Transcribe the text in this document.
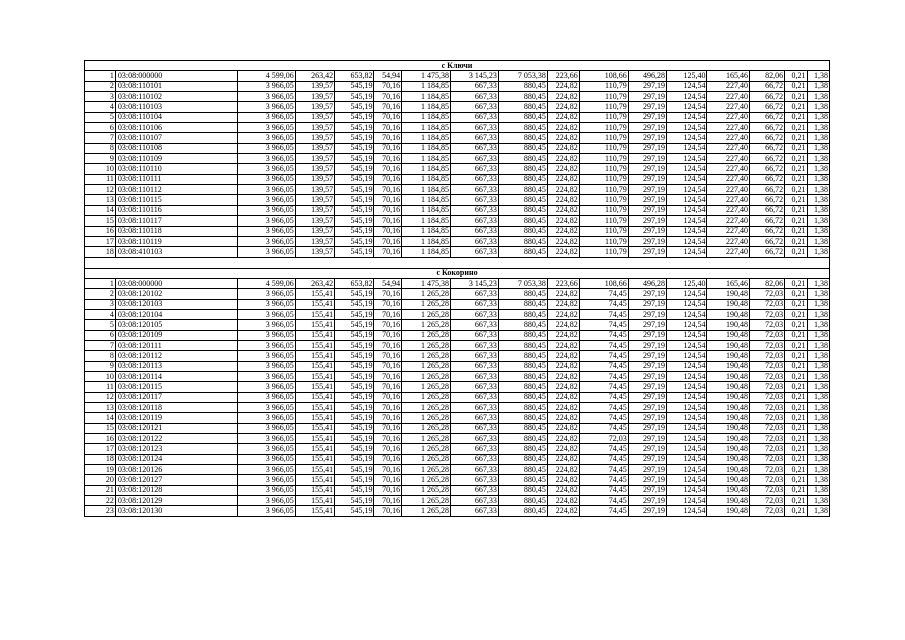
с Ключи																
1	03:08:000000	4 599,06	263,42	653,82	54,94	1 475,38	3 145,23	7 053,38	223,66	108,66	496,28	125,40	165,46	82,06	0,21	1,38
2	03:08:110101	3 966,05	139,57	545,19	70,16	1 184,85	667,33	880,45	224,82	110,79	297,19	124,54	227,40	66,72	0,21	1,38
3	03:08:110102	3 966,05	139,57	545,19	70,16	1 184,85	667,33	880,45	224,82	110,79	297,19	124,54	227,40	66,72	0,21	1,38
4	03:08:110103	3 966,05	139,57	545,19	70,16	1 184,85	667,33	880,45	224,82	110,79	297,19	124,54	227,40	66,72	0,21	1,38
5	03:08:110104	3 966,05	139,57	545,19	70,16	1 184,85	667,33	880,45	224,82	110,79	297,19	124,54	227,40	66,72	0,21	1,38
6	03:08:110106	3 966,05	139,57	545,19	70,16	1 184,85	667,33	880,45	224,82	110,79	297,19	124,54	227,40	66,72	0,21	1,38
7	03:08:110107	3 966,05	139,57	545,19	70,16	1 184,85	667,33	880,45	224,82	110,79	297,19	124,54	227,40	66,72	0,21	1,38
8	03:08:110108	3 966,05	139,57	545,19	70,16	1 184,85	667,33	880,45	224,82	110,79	297,19	124,54	227,40	66,72	0,21	1,38
9	03:08:110109	3 966,05	139,57	545,19	70,16	1 184,85	667,33	880,45	224,82	110,79	297,19	124,54	227,40	66,72	0,21	1,38
10	03:08:110110	3 966,05	139,57	545,19	70,16	1 184,85	667,33	880,45	224,82	110,79	297,19	124,54	227,40	66,72	0,21	1,38
11	03:08:110111	3 966,05	139,57	545,19	70,16	1 184,85	667,33	880,45	224,82	110,79	297,19	124,54	227,40	66,72	0,21	1,38
12	03:08:110112	3 966,05	139,57	545,19	70,16	1 184,85	667,33	880,45	224,82	110,79	297,19	124,54	227,40	66,72	0,21	1,38
13	03:08:110115	3 966,05	139,57	545,19	70,16	1 184,85	667,33	880,45	224,82	110,79	297,19	124,54	227,40	66,72	0,21	1,38
14	03:08:110116	3 966,05	139,57	545,19	70,16	1 184,85	667,33	880,45	224,82	110,79	297,19	124,54	227,40	66,72	0,21	1,38
15	03:08:110117	3 966,05	139,57	545,19	70,16	1 184,85	667,33	880,45	224,82	110,79	297,19	124,54	227,40	66,72	0,21	1,38
16	03:08:110118	3 966,05	139,57	545,19	70,16	1 184,85	667,33	880,45	224,82	110,79	297,19	124,54	227,40	66,72	0,21	1,38
17	03:08:110119	3 966,05	139,57	545,19	70,16	1 184,85	667,33	880,45	224,82	110,79	297,19	124,54	227,40	66,72	0,21	1,38
18	03:08:410103	3 966,05	139,57	545,19	70,16	1 184,85	667,33	880,45	224,82	110,79	297,19	124,54	227,40	66,72	0,21	1,38

с Кокорино																
1	03:08:000000	4 599,06	263,42	653,82	54,94	1 475,38	3 145,23	7 053,38	223,66	108,66	496,28	125,40	165,46	82,06	0,21	1,38
2	03:08:120102	3 966,05	155,41	545,19	70,16	1 265,28	667,33	880,45	224,82	74,45	297,19	124,54	190,48	72,03	0,21	1,38
3	03:08:120103	3 966,05	155,41	545,19	70,16	1 265,28	667,33	880,45	224,82	74,45	297,19	124,54	190,48	72,03	0,21	1,38
4	03:08:120104	3 966,05	155,41	545,19	70,16	1 265,28	667,33	880,45	224,82	74,45	297,19	124,54	190,48	72,03	0,21	1,38
5	03:08:120105	3 966,05	155,41	545,19	70,16	1 265,28	667,33	880,45	224,82	74,45	297,19	124,54	190,48	72,03	0,21	1,38
6	03:08:120109	3 966,05	155,41	545,19	70,16	1 265,28	667,33	880,45	224,82	74,45	297,19	124,54	190,48	72,03	0,21	1,38
7	03:08:120111	3 966,05	155,41	545,19	70,16	1 265,28	667,33	880,45	224,82	74,45	297,19	124,54	190,48	72,03	0,21	1,38
8	03:08:120112	3 966,05	155,41	545,19	70,16	1 265,28	667,33	880,45	224,82	74,45	297,19	124,54	190,48	72,03	0,21	1,38
9	03:08:120113	3 966,05	155,41	545,19	70,16	1 265,28	667,33	880,45	224,82	74,45	297,19	124,54	190,48	72,03	0,21	1,38
10	03:08:120114	3 966,05	155,41	545,19	70,16	1 265,28	667,33	880,45	224,82	74,45	297,19	124,54	190,48	72,03	0,21	1,38
11	03:08:120115	3 966,05	155,41	545,19	70,16	1 265,28	667,33	880,45	224,82	74,45	297,19	124,54	190,48	72,03	0,21	1,38
12	03:08:120117	3 966,05	155,41	545,19	70,16	1 265,28	667,33	880,45	224,82	74,45	297,19	124,54	190,48	72,03	0,21	1,38
13	03:08:120118	3 966,05	155,41	545,19	70,16	1 265,28	667,33	880,45	224,82	74,45	297,19	124,54	190,48	72,03	0,21	1,38
14	03:08:120119	3 966,05	155,41	545,19	70,16	1 265,28	667,33	880,45	224,82	74,45	297,19	124,54	190,48	72,03	0,21	1,38
15	03:08:120121	3 966,05	155,41	545,19	70,16	1 265,28	667,33	880,45	224,82	74,45	297,19	124,54	190,48	72,03	0,21	1,38
16	03:08:120122	3 966,05	155,41	545,19	70,16	1 265,28	667,33	880,45	224,82	72,03	297,19	124,54	190,48	72,03	0,21	1,38
17	03:08:120123	3 966,05	155,41	545,19	70,16	1 265,28	667,33	880,45	224,82	74,45	297,19	124,54	190,48	72,03	0,21	1,38
18	03:08:120124	3 966,05	155,41	545,19	70,16	1 265,28	667,33	880,45	224,82	74,45	297,19	124,54	190,48	72,03	0,21	1,38
19	03:08:120126	3 966,05	155,41	545,19	70,16	1 265,28	667,33	880,45	224,82	74,45	297,19	124,54	190,48	72,03	0,21	1,38
20	03:08:120127	3 966,05	155,41	545,19	70,16	1 265,28	667,33	880,45	224,82	74,45	297,19	124,54	190,48	72,03	0,21	1,38
21	03:08:120128	3 966,05	155,41	545,19	70,16	1 265,28	667,33	880,45	224,82	74,45	297,19	124,54	190,48	72,03	0,21	1,38
22	03:08:120129	3 966,05	155,41	545,19	70,16	1 265,28	667,33	880,45	224,82	74,45	297,19	124,54	190,48	72,03	0,21	1,38
23	03:08:120130	3 966,05	155,41	545,19	70,16	1 265,28	667,33	880,45	224,82	74,45	297,19	124,54	190,48	72,03	0,21	1,38
